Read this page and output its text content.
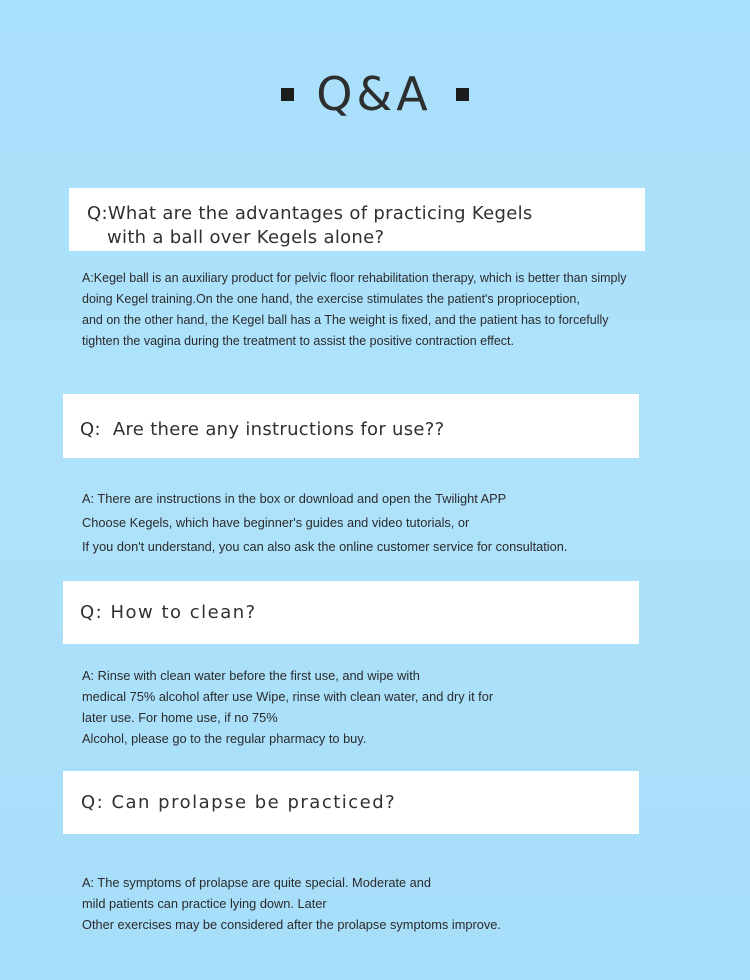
Q&A
Q:What are the advantages of practicing Kegels
with a ball over Kegels alone?
A:Kegel ball is an auxiliary product for pelvic floor rehabilitation therapy, which is better than simply
doing Kegel training.On the one hand, the exercise stimulates the patient's proprioception,
and on the other hand, the Kegel ball has a The weight is fixed, and the patient has to forcefully
tighten the vagina during the treatment to assist the positive contraction effect.
Q:  Are there any instructions for use??
A: There are instructions in the box or download and open the Twilight APP
Choose Kegels, which have beginner's guides and video tutorials, or
If you don't understand, you can also ask the online customer service for consultation.
Q: How to clean?
A: Rinse with clean water before the first use, and wipe with
medical 75% alcohol after use Wipe, rinse with clean water, and dry it for
later use. For home use, if no 75%
Alcohol, please go to the regular pharmacy to buy.
Q: Can prolapse be practiced?
A: The symptoms of prolapse are quite special. Moderate and
mild patients can practice lying down. Later
Other exercises may be considered after the prolapse symptoms improve.
